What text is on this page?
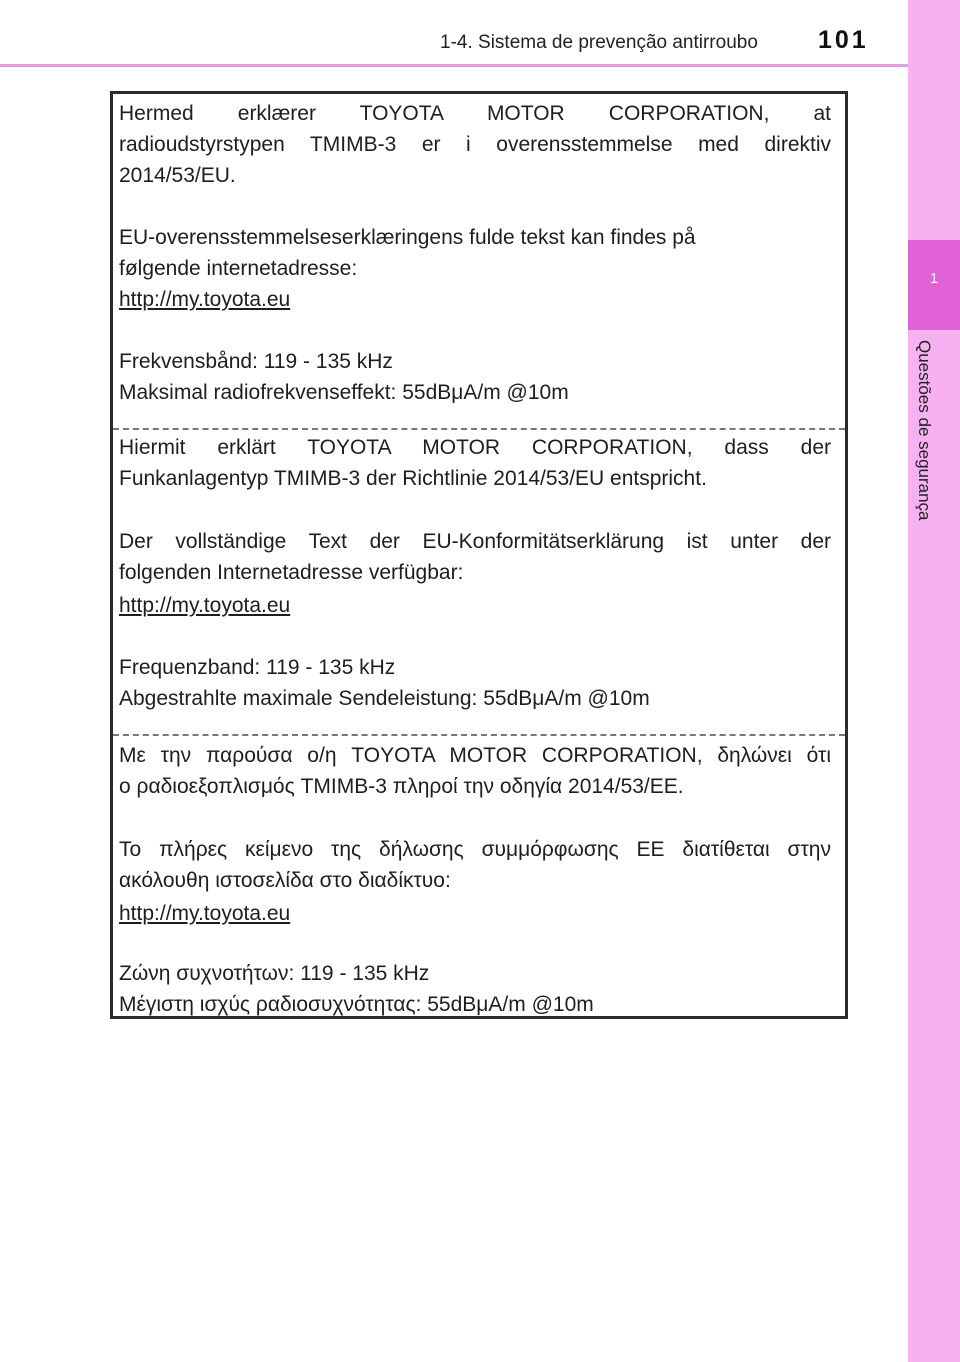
1-4. Sistema de prevenção antirroubo	101
1
Questões de segurança
Hermed erklærer TOYOTA MOTOR CORPORATION, at
radioudstyrstypen TMIMB-3 er i overensstemmelse med direktiv
2014/53/EU.
EU-overensstemmelseserklæringens fulde tekst kan findes på
følgende internetadresse:
http://my.toyota.eu
Frekvensbånd: 119 - 135 kHz
Maksimal radiofrekvenseffekt: 55dBμA/m @10m
Hiermit erklärt TOYOTA MOTOR CORPORATION, dass der
Funkanlagentyp TMIMB-3 der Richtlinie 2014/53/EU entspricht.
Der vollständige Text der EU-Konformitätserklärung ist unter der
folgenden Internetadresse verfügbar:
http://my.toyota.eu
Frequenzband: 119 - 135 kHz
Abgestrahlte maximale Sendeleistung: 55dBμA/m @10m
Με την παρούσα ο/η TOYOTA MOTOR CORPORATION, δηλώνει ότι
ο ραδιοεξοπλισμός TMIMB-3 πληροί την οδηγία 2014/53/ΕΕ.
Το πλήρες κείμενο της δήλωσης συμμόρφωσης ΕΕ διατίθεται στην
ακόλουθη ιστοσελίδα στο διαδίκτυο:
http://my.toyota.eu
Ζώνη συχνοτήτων: 119 - 135 kHz
Μέγιστη ισχύς ραδιοσυχνότητας: 55dBμA/m @10m
